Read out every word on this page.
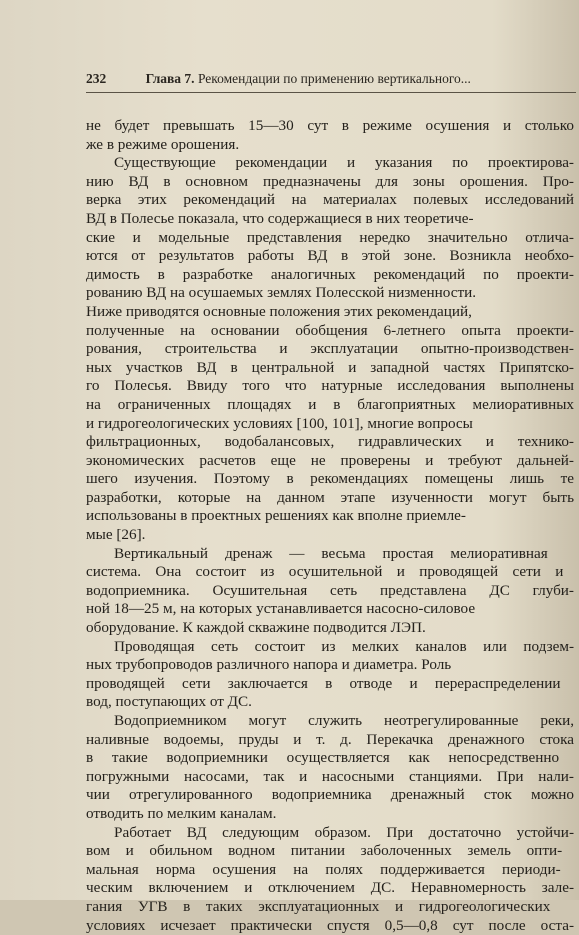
232	Глава 7. Рекомендации по применению вертикального...
не будет превышать 15—30 сут в режиме осушения и столько
же в режиме орошения.
Существующие рекомендации и указания по проектирова-
нию ВД в основном предназначены для зоны орошения. Про-
верка этих рекомендаций на материалах полевых исследований
ВД в Полесье показала, что содержащиеся в них теоретиче-
ские и модельные представления нередко значительно отлича-
ются от результатов работы ВД в этой зоне. Возникла необхо-
димость в разработке аналогичных рекомендаций по проекти-
рованию ВД на осушаемых землях Полесской низменности.
Ниже приводятся основные положения этих рекомендаций,
полученные на основании обобщения 6-летнего опыта проекти-
рования, строительства и эксплуатации опытно-производствен-
ных участков ВД в центральной и западной частях Припятско-
го Полесья. Ввиду того что натурные исследования выполнены
на ограниченных площадях и в благоприятных мелиоративных
и гидрогеологических условиях [100, 101], многие вопросы
фильтрационных, водобалансовых, гидравлических и технико-
экономических расчетов еще не проверены и требуют дальней-
шего изучения. Поэтому в рекомендациях помещены лишь те
разработки, которые на данном этапе изученности могут быть
использованы в проектных решениях как вполне приемле-
мые [26].
Вертикальный дренаж — весьма простая мелиоративная
система. Она состоит из осушительной и проводящей сети и
водоприемника. Осушительная сеть представлена ДС глуби-
ной 18—25 м, на которых устанавливается насосно-силовое
оборудование. К каждой скважине подводится ЛЭП.
Проводящая сеть состоит из мелких каналов или подзем-
ных трубопроводов различного напора и диаметра. Роль
проводящей сети заключается в отводе и перераспределении
вод, поступающих от ДС.
Водоприемником могут служить неотрегулированные реки,
наливные водоемы, пруды и т. д. Перекачка дренажного стока
в такие водоприемники осуществляется как непосредственно
погружными насосами, так и насосными станциями. При нали-
чии отрегулированного водоприемника дренажный сток можно
отводить по мелким каналам.
Работает ВД следующим образом. При достаточно устойчи-
вом и обильном водном питании заболоченных земель опти-
мальная норма осушения на полях поддерживается периоди-
ческим включением и отключением ДС. Неравномерность зале-
гания УГВ в таких эксплуатационных и гидрогеологических
условиях исчезает практически спустя 0,5—0,8 сут после оста-
